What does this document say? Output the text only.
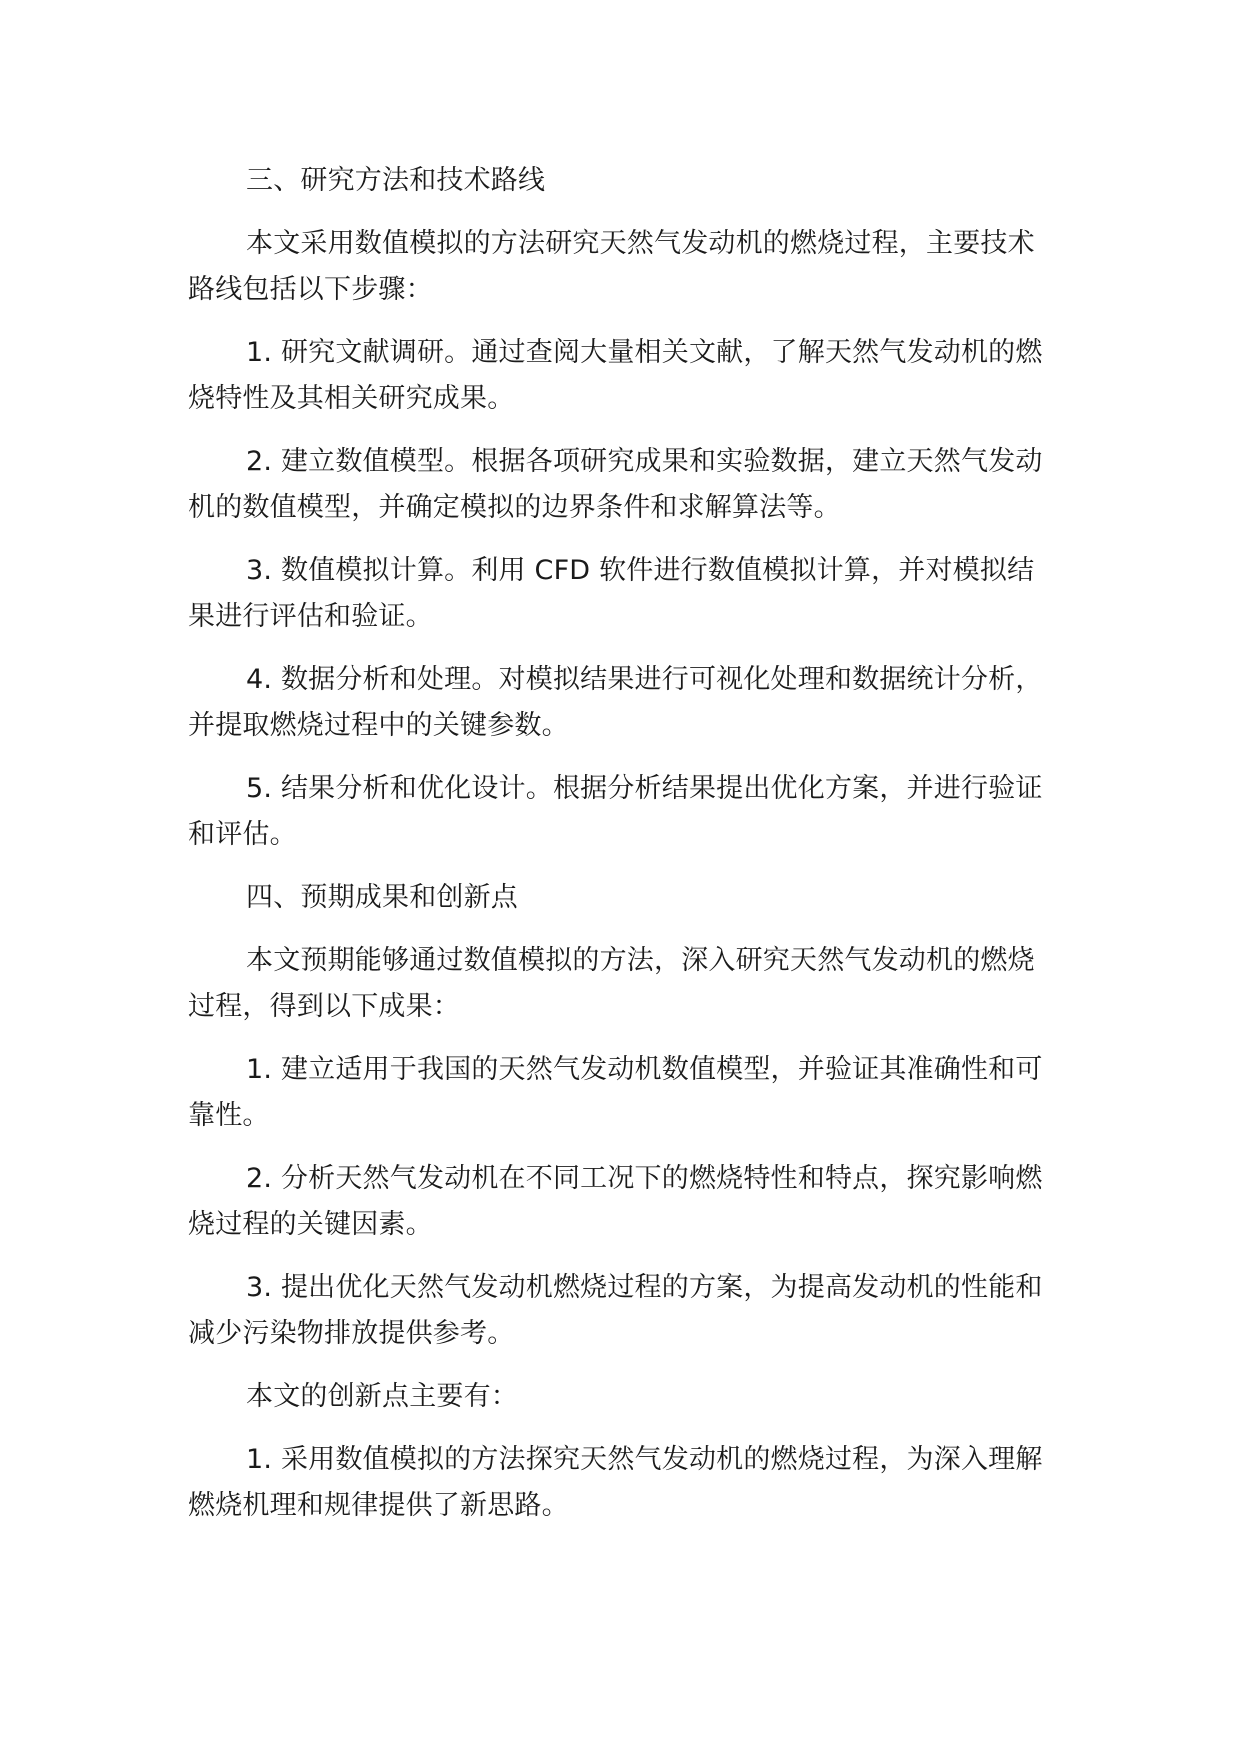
三、研究方法和技术路线

本文采用数值模拟的方法研究天然气发动机的燃烧过程，主要技术路线包括以下步骤：

1. 研究文献调研。通过查阅大量相关文献，了解天然气发动机的燃烧特性及其相关研究成果。

2. 建立数值模型。根据各项研究成果和实验数据，建立天然气发动机的数值模型，并确定模拟的边界条件和求解算法等。

3. 数值模拟计算。利用 CFD 软件进行数值模拟计算，并对模拟结果进行评估和验证。

4. 数据分析和处理。对模拟结果进行可视化处理和数据统计分析，并提取燃烧过程中的关键参数。

5. 结果分析和优化设计。根据分析结果提出优化方案，并进行验证和评估。

四、预期成果和创新点

本文预期能够通过数值模拟的方法，深入研究天然气发动机的燃烧过程，得到以下成果：

1. 建立适用于我国的天然气发动机数值模型，并验证其准确性和可靠性。

2. 分析天然气发动机在不同工况下的燃烧特性和特点，探究影响燃烧过程的关键因素。

3. 提出优化天然气发动机燃烧过程的方案，为提高发动机的性能和减少污染物排放提供参考。

本文的创新点主要有：

1. 采用数值模拟的方法探究天然气发动机的燃烧过程，为深入理解燃烧机理和规律提供了新思路。
